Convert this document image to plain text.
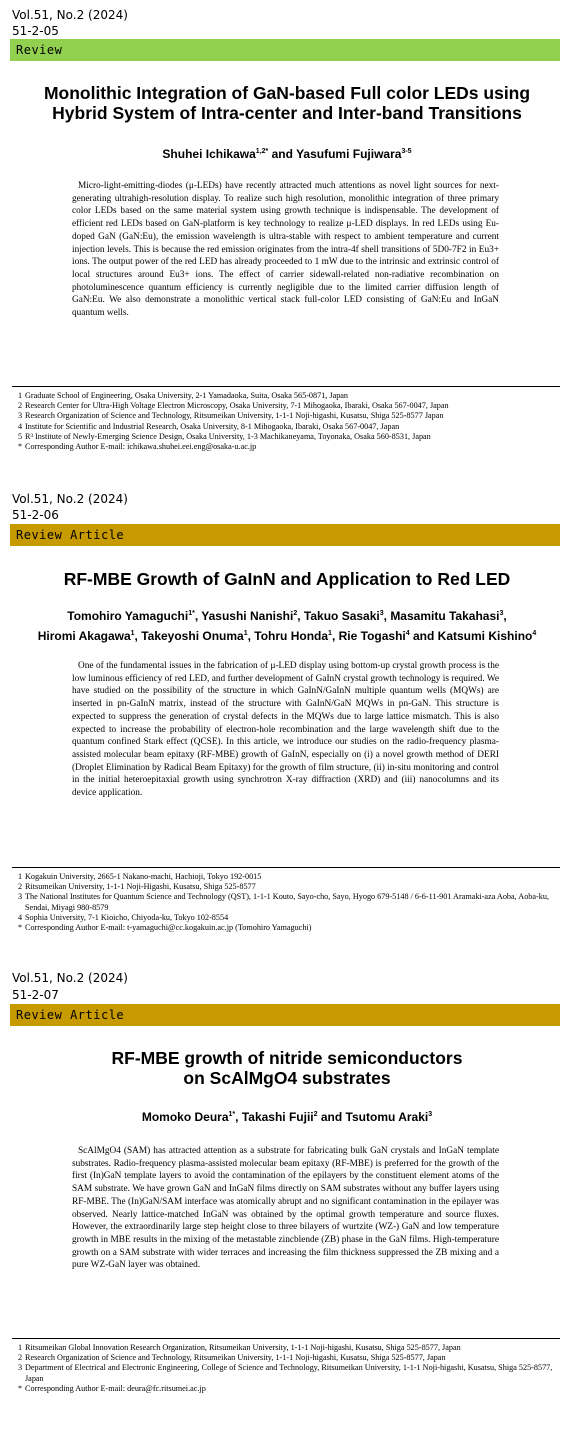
Vol.51, No.2 (2024)
51-2-05
Review
Monolithic Integration of GaN-based Full color LEDs using
Hybrid System of Intra-center and Inter-band Transitions
Shuhei Ichikawa$^{1,2*}$ and Yasufumi Fujiwara$^{3-5}$
Micro-light-emitting-diodes (μ-LEDs) have recently attracted much attentions as novel light sources for next-generating ultrahigh-resolution display. To realize such high resolution, monolithic integration of three primary color LEDs based on the same material system using growth technique is indispensable. The development of efficient red LEDs based on GaN-platform is key technology to realize μ-LED displays. In red LEDs using Eu-doped GaN (GaN:Eu), the emission wavelength is ultra-stable with respect to ambient temperature and current injection levels. This is because the red emission originates from the intra-4f shell transitions of 5D0-7F2 in Eu3+ ions. The output power of the red LED has already proceeded to 1 mW due to the intrinsic and extrinsic control of local structures around Eu3+ ions. The effect of carrier sidewall-related non-radiative recombination on photoluminescence quantum efficiency is currently negligible due to the limited carrier diffusion length of GaN:Eu. We also demonstrate a monolithic vertical stack full-color LED consisting of GaN:Eu and InGaN quantum wells.
1 Graduate School of Engineering, Osaka University, 2-1 Yamadaoka, Suita, Osaka 565-0871, Japan
2 Research Center for Ultra-High Voltage Electron Microscopy, Osaka University, 7-1 Mihogaoka, Ibaraki, Osaka 567-0047, Japan
3 Research Organization of Science and Technology, Ritsumeikan University, 1-1-1 Noji-higashi, Kusatsu, Shiga 525-8577 Japan
4 Institute for Scientific and Industrial Research, Osaka University, 8-1 Mihogaoka, Ibaraki, Osaka 567-0047, Japan
5 R³ Institute of Newly-Emerging Science Design, Osaka University, 1-3 Machikaneyama, Toyonaka, Osaka 560-8531, Japan
* Corresponding Author E-mail: ichikawa.shuhei.eei.eng@osaka-u.ac.jp
Vol.51, No.2 (2024)
51-2-06
Review Article
RF-MBE Growth of GaInN and Application to Red LED
Tomohiro Yamaguchi$^{1*}$, Yasushi Nanishi$^2$, Takuo Sasaki$^3$, Masamitu Takahasi$^3$,
Hiromi Akagawa$^1$, Takeyoshi Onuma$^1$, Tohru Honda$^1$, Rie Togashi$^4$ and Katsumi Kishino$^4$
One of the fundamental issues in the fabrication of μ-LED display using bottom-up crystal growth process is the low luminous efficiency of red LED, and further development of GaInN crystal growth technology is required. We have studied on the possibility of the structure in which GaInN/GaInN multiple quantum wells (MQWs) are inserted in pn-GaInN matrix, instead of the structure with GaInN/GaN MQWs in pn-GaN. This structure is expected to suppress the generation of crystal defects in the MQWs due to large lattice mismatch. This is also expected to increase the probability of electron-hole recombination and the large wavelength shift due to the quantum confined Stark effect (QCSE). In this article, we introduce our studies on the radio-frequency plasma-assisted molecular beam epitaxy (RF-MBE) growth of GaInN, especially on (i) a novel growth method of DERI (Droplet Elimination by Radical Beam Epitaxy) for the growth of film structure, (ii) in-situ monitoring and control in the initial heteroepitaxial growth using synchrotron X-ray diffraction (XRD) and (iii) nanocolumns and its device application.
1 Kogakuin University, 2665-1 Nakano-machi, Hachioji, Tokyo 192-0015
2 Ritsumeikan University, 1-1-1 Noji-Higashi, Kusatsu, Shiga 525-8577
3 The National Institutes for Quantum Science and Technology (QST), 1-1-1 Kouto, Sayo-cho, Sayo, Hyogo 679-5148 / 6-6-11-901 Aramaki-aza Aoba, Aoba-ku, Sendai, Miyagi 980-8579
4 Sophia University, 7-1 Kioicho, Chiyoda-ku, Tokyo 102-8554
* Corresponding Author E-mail: t-yamaguchi@cc.kogakuin.ac.jp (Tomohiro Yamaguchi)
Vol.51, No.2 (2024)
51-2-07
Review Article
RF-MBE growth of nitride semiconductors
on ScAlMgO4 substrates
Momoko Deura$^{1*}$, Takashi Fujii$^2$ and Tsutomu Araki$^3$
ScAlMgO4 (SAM) has attracted attention as a substrate for fabricating bulk GaN crystals and InGaN template substrates. Radio-frequency plasma-assisted molecular beam epitaxy (RF-MBE) is preferred for the growth of the first (In)GaN template layers to avoid the contamination of the epilayers by the constituent element atoms of the SAM substrate. We have grown GaN and InGaN films directly on SAM substrates without any buffer layers using RF-MBE. The (In)GaN/SAM interface was atomically abrupt and no significant contamination in the epilayer was observed. Nearly lattice-matched InGaN was obtained by the optimal growth temperature and source fluxes. However, the extraordinarily large step height close to three bilayers of wurtzite (WZ-) GaN and low temperature growth in MBE results in the mixing of the metastable zincblende (ZB) phase in the GaN films. High-temperature growth on a SAM substrate with wider terraces and increasing the film thickness suppressed the ZB mixing and a pure WZ-GaN layer was obtained.
1 Ritsumeikan Global Innovation Research Organization, Ritsumeikan University, 1-1-1 Noji-higashi, Kusatsu, Shiga 525-8577, Japan
2 Research Organization of Science and Technology, Ritsumeikan University, 1-1-1 Noji-higashi, Kusatsu, Shiga 525-8577, Japan
3 Department of Electrical and Electronic Engineering, College of Science and Technology, Ritsumeikan University, 1-1-1 Noji-higashi, Kusatsu, Shiga 525-8577, Japan
* Corresponding Author E-mail: deura@fc.ritsumei.ac.jp
